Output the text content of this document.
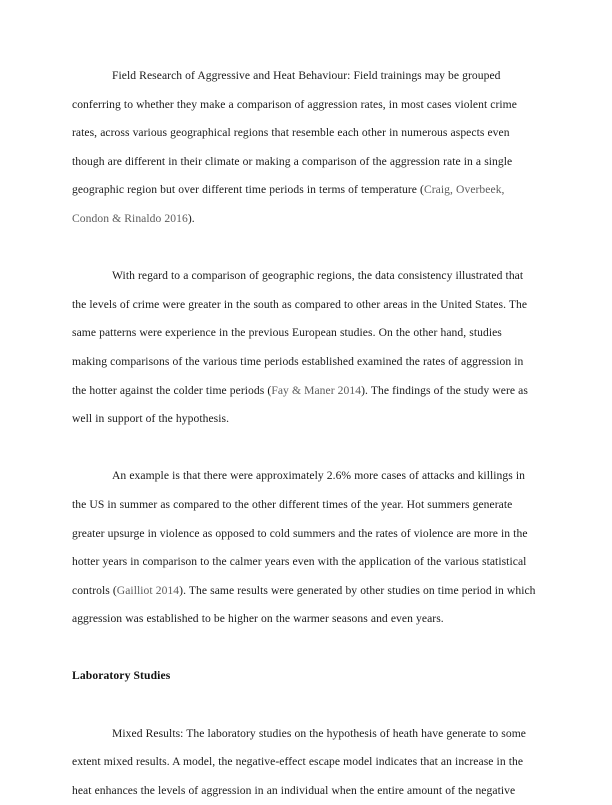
Field Research of Aggressive and Heat Behaviour: Field trainings may be grouped conferring to whether they make a comparison of aggression rates, in most cases violent crime rates, across various geographical regions that resemble each other in numerous aspects even though are different in their climate or making a comparison of the aggression rate in a single geographic region but over different time periods in terms of temperature (Craig, Overbeek, Condon & Rinaldo 2016).

With regard to a comparison of geographic regions, the data consistency illustrated that the levels of crime were greater in the south as compared to other areas in the United States. The same patterns were experience in the previous European studies. On the other hand, studies making comparisons of the various time periods established examined the rates of aggression in the hotter against the colder time periods (Fay & Maner 2014). The findings of the study were as well in support of the hypothesis.

An example is that there were approximately 2.6% more cases of attacks and killings in the US in summer as compared to the other different times of the year. Hot summers generate greater upsurge in violence as opposed to cold summers and the rates of violence are more in the hotter years in comparison to the calmer years even with the application of the various statistical controls (Gailliot 2014). The same results were generated by other studies on time period in which aggression was established to be higher on the warmer seasons and even years.

Laboratory Studies

Mixed Results: The laboratory studies on the hypothesis of heath have generate to some extent mixed results. A model, the negative-effect escape model indicates that an increase in the heat enhances the levels of aggression in an individual when the entire amount of the negative
